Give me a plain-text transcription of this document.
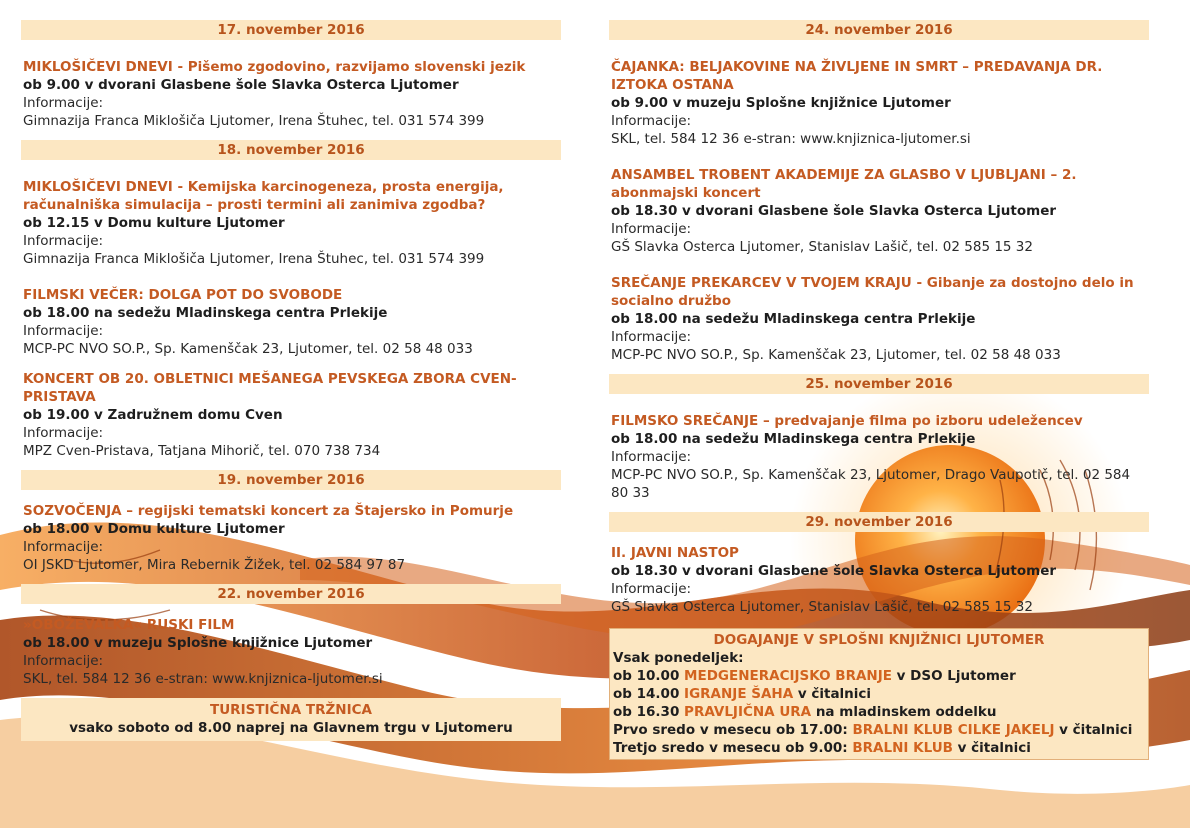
17. november 2016
MIKLOŠIČEVI DNEVI - Pišemo zgodovino, razvijamo slovenski jezik
ob 9.00 v dvorani Glasbene šole Slavka Osterca Ljutomer
Informacije:
Gimnazija Franca Miklošiča Ljutomer, Irena Štuhec, tel. 031 574 399
18. november 2016
MIKLOŠIČEVI DNEVI - Kemijska karcinogeneza, prosta energija, računalniška simulacija – prosti termini ali zanimiva zgodba?
ob 12.15 v Domu kulture Ljutomer
Informacije:
Gimnazija Franca Miklošiča Ljutomer, Irena Štuhec, tel. 031 574 399
FILMSKI VEČER: DOLGA POT DO SVOBODE
ob 18.00 na sedežu Mladinskega centra Prlekije
Informacije:
MCP-PC NVO SO.P., Sp. Kamenščak 23, Ljutomer, tel. 02 58 48 033
KONCERT OB 20. OBLETNICI MEŠANEGA PEVSKEGA ZBORA CVEN-PRISTAVA
ob 19.00 v Zadružnem domu Cven
Informacije:
MPZ Cven-Pristava, Tatjana Mihorič, tel. 070 738 734
19. november 2016
SOZVOČENJA – regijski tematski koncert za Štajersko in Pomurje
ob 18.00 v Domu kulture Ljutomer
Informacije:
OI JSKD Ljutomer, Mira Rebernik Žižek, tel. 02 584 97 87
22. november 2016
»OBOŽEVALKA« RUSKI FILM
ob 18.00 v muzeju Splošne knjižnice Ljutomer
Informacije:
SKL, tel. 584 12 36 e-stran: www.knjiznica-ljutomer.si
TURISTIČNA TRŽNICA
vsako soboto od 8.00 naprej na Glavnem trgu v Ljutomeru
24. november 2016
ČAJANKA: BELJAKOVINE NA ŽIVLJENE IN SMRT – PREDAVANJA DR. IZTOKA OSTANA
ob 9.00 v muzeju Splošne knjižnice Ljutomer
Informacije:
SKL, tel. 584 12 36 e-stran: www.knjiznica-ljutomer.si
ANSAMBEL TROBENT AKADEMIJE ZA GLASBO V LJUBLJANI – 2. abonmajski koncert
ob 18.30 v dvorani Glasbene šole Slavka Osterca Ljutomer
Informacije:
GŠ Slavka Osterca Ljutomer, Stanislav Lašič, tel. 02 585 15 32
SREČANJE PREKARCEV V TVOJEM KRAJU - Gibanje za dostojno delo in socialno družbo
ob 18.00 na sedežu Mladinskega centra Prlekije
Informacije:
MCP-PC NVO SO.P., Sp. Kamenščak 23, Ljutomer, tel. 02 58 48 033
25. november 2016
FILMSKO SREČANJE – predvajanje filma po izboru udeležencev
ob 18.00 na sedežu Mladinskega centra Prlekije
Informacije:
MCP-PC NVO SO.P., Sp. Kamenščak 23, Ljutomer, Drago Vaupotič, tel. 02 584 80 33
29. november 2016
II. JAVNI NASTOP
ob 18.30 v dvorani Glasbene šole Slavka Osterca Ljutomer
Informacije:
GŠ Slavka Osterca Ljutomer, Stanislav Lašič, tel. 02 585 15 32
DOGAJANJE V SPLOŠNI KNJIŽNICI LJUTOMER
Vsak ponedeljek:
ob 10.00 MEDGENERACIJSKO BRANJE v DSO Ljutomer
ob 14.00 IGRANJE ŠAHA v čitalnici
ob 16.30 PRAVLJIČNA URA na mladinskem oddelku
Prvo sredo v mesecu ob 17.00: BRALNI KLUB CILKE JAKELJ v čitalnici
Tretjo sredo v mesecu ob 9.00: BRALNI KLUB v čitalnici
